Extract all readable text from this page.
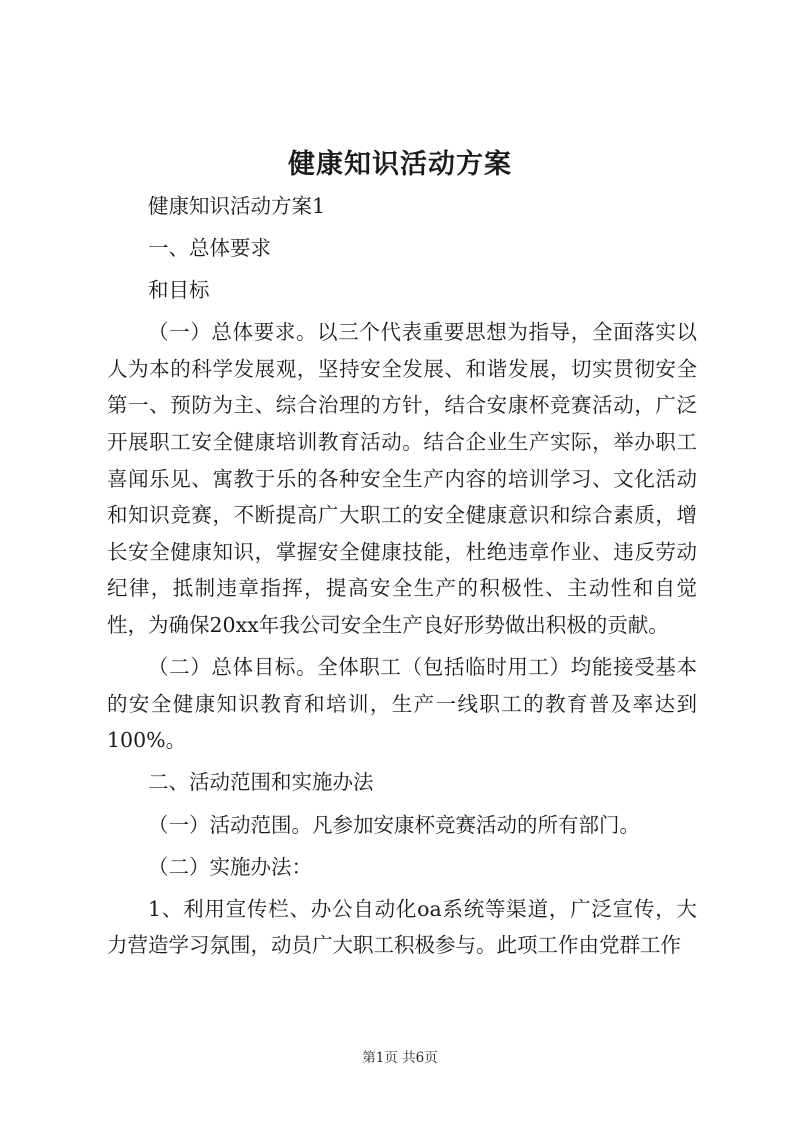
健康知识活动方案

健康知识活动方案1

一、总体要求

和目标

（一）总体要求。以三个代表重要思想为指导，全面落实以人为本的科学发展观，坚持安全发展、和谐发展，切实贯彻安全第一、预防为主、综合治理的方针，结合安康杯竞赛活动，广泛开展职工安全健康培训教育活动。结合企业生产实际，举办职工喜闻乐见、寓教于乐的各种安全生产内容的培训学习、文化活动和知识竞赛，不断提高广大职工的安全健康意识和综合素质，增长安全健康知识，掌握安全健康技能，杜绝违章作业、违反劳动纪律，抵制违章指挥，提高安全生产的积极性、主动性和自觉性，为确保20xx年我公司安全生产良好形势做出积极的贡献。

（二）总体目标。全体职工（包括临时用工）均能接受基本的安全健康知识教育和培训，生产一线职工的教育普及率达到100%。

二、活动范围和实施办法

（一）活动范围。凡参加安康杯竞赛活动的所有部门。

（二）实施办法：

1、利用宣传栏、办公自动化oa系统等渠道，广泛宣传，大力营造学习氛围，动员广大职工积极参与。此项工作由党群工作

第1页 共6页
